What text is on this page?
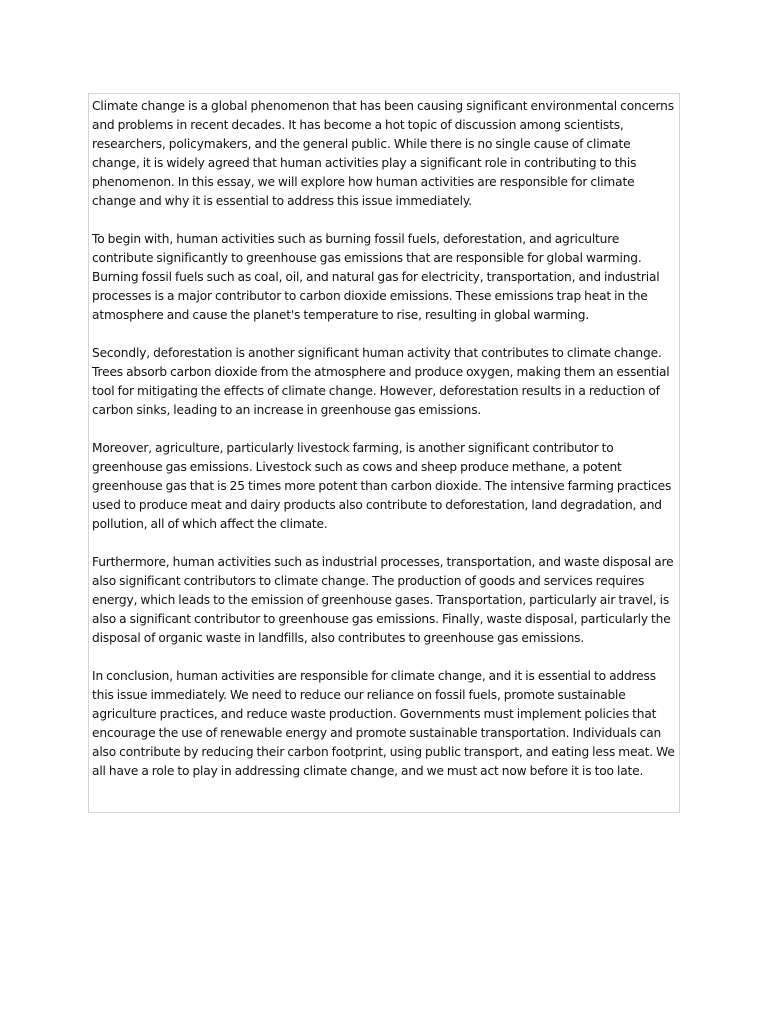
Climate change is a global phenomenon that has been causing significant environmental concerns and problems in recent decades. It has become a hot topic of discussion among scientists, researchers, policymakers, and the general public. While there is no single cause of climate change, it is widely agreed that human activities play a significant role in contributing to this phenomenon. In this essay, we will explore how human activities are responsible for climate change and why it is essential to address this issue immediately.

To begin with, human activities such as burning fossil fuels, deforestation, and agriculture contribute significantly to greenhouse gas emissions that are responsible for global warming. Burning fossil fuels such as coal, oil, and natural gas for electricity, transportation, and industrial processes is a major contributor to carbon dioxide emissions. These emissions trap heat in the atmosphere and cause the planet's temperature to rise, resulting in global warming.

Secondly, deforestation is another significant human activity that contributes to climate change. Trees absorb carbon dioxide from the atmosphere and produce oxygen, making them an essential tool for mitigating the effects of climate change. However, deforestation results in a reduction of carbon sinks, leading to an increase in greenhouse gas emissions.

Moreover, agriculture, particularly livestock farming, is another significant contributor to greenhouse gas emissions. Livestock such as cows and sheep produce methane, a potent greenhouse gas that is 25 times more potent than carbon dioxide. The intensive farming practices used to produce meat and dairy products also contribute to deforestation, land degradation, and pollution, all of which affect the climate.

Furthermore, human activities such as industrial processes, transportation, and waste disposal are also significant contributors to climate change. The production of goods and services requires energy, which leads to the emission of greenhouse gases. Transportation, particularly air travel, is also a significant contributor to greenhouse gas emissions. Finally, waste disposal, particularly the disposal of organic waste in landfills, also contributes to greenhouse gas emissions.

In conclusion, human activities are responsible for climate change, and it is essential to address this issue immediately. We need to reduce our reliance on fossil fuels, promote sustainable agriculture practices, and reduce waste production. Governments must implement policies that encourage the use of renewable energy and promote sustainable transportation. Individuals can also contribute by reducing their carbon footprint, using public transport, and eating less meat. We all have a role to play in addressing climate change, and we must act now before it is too late.
